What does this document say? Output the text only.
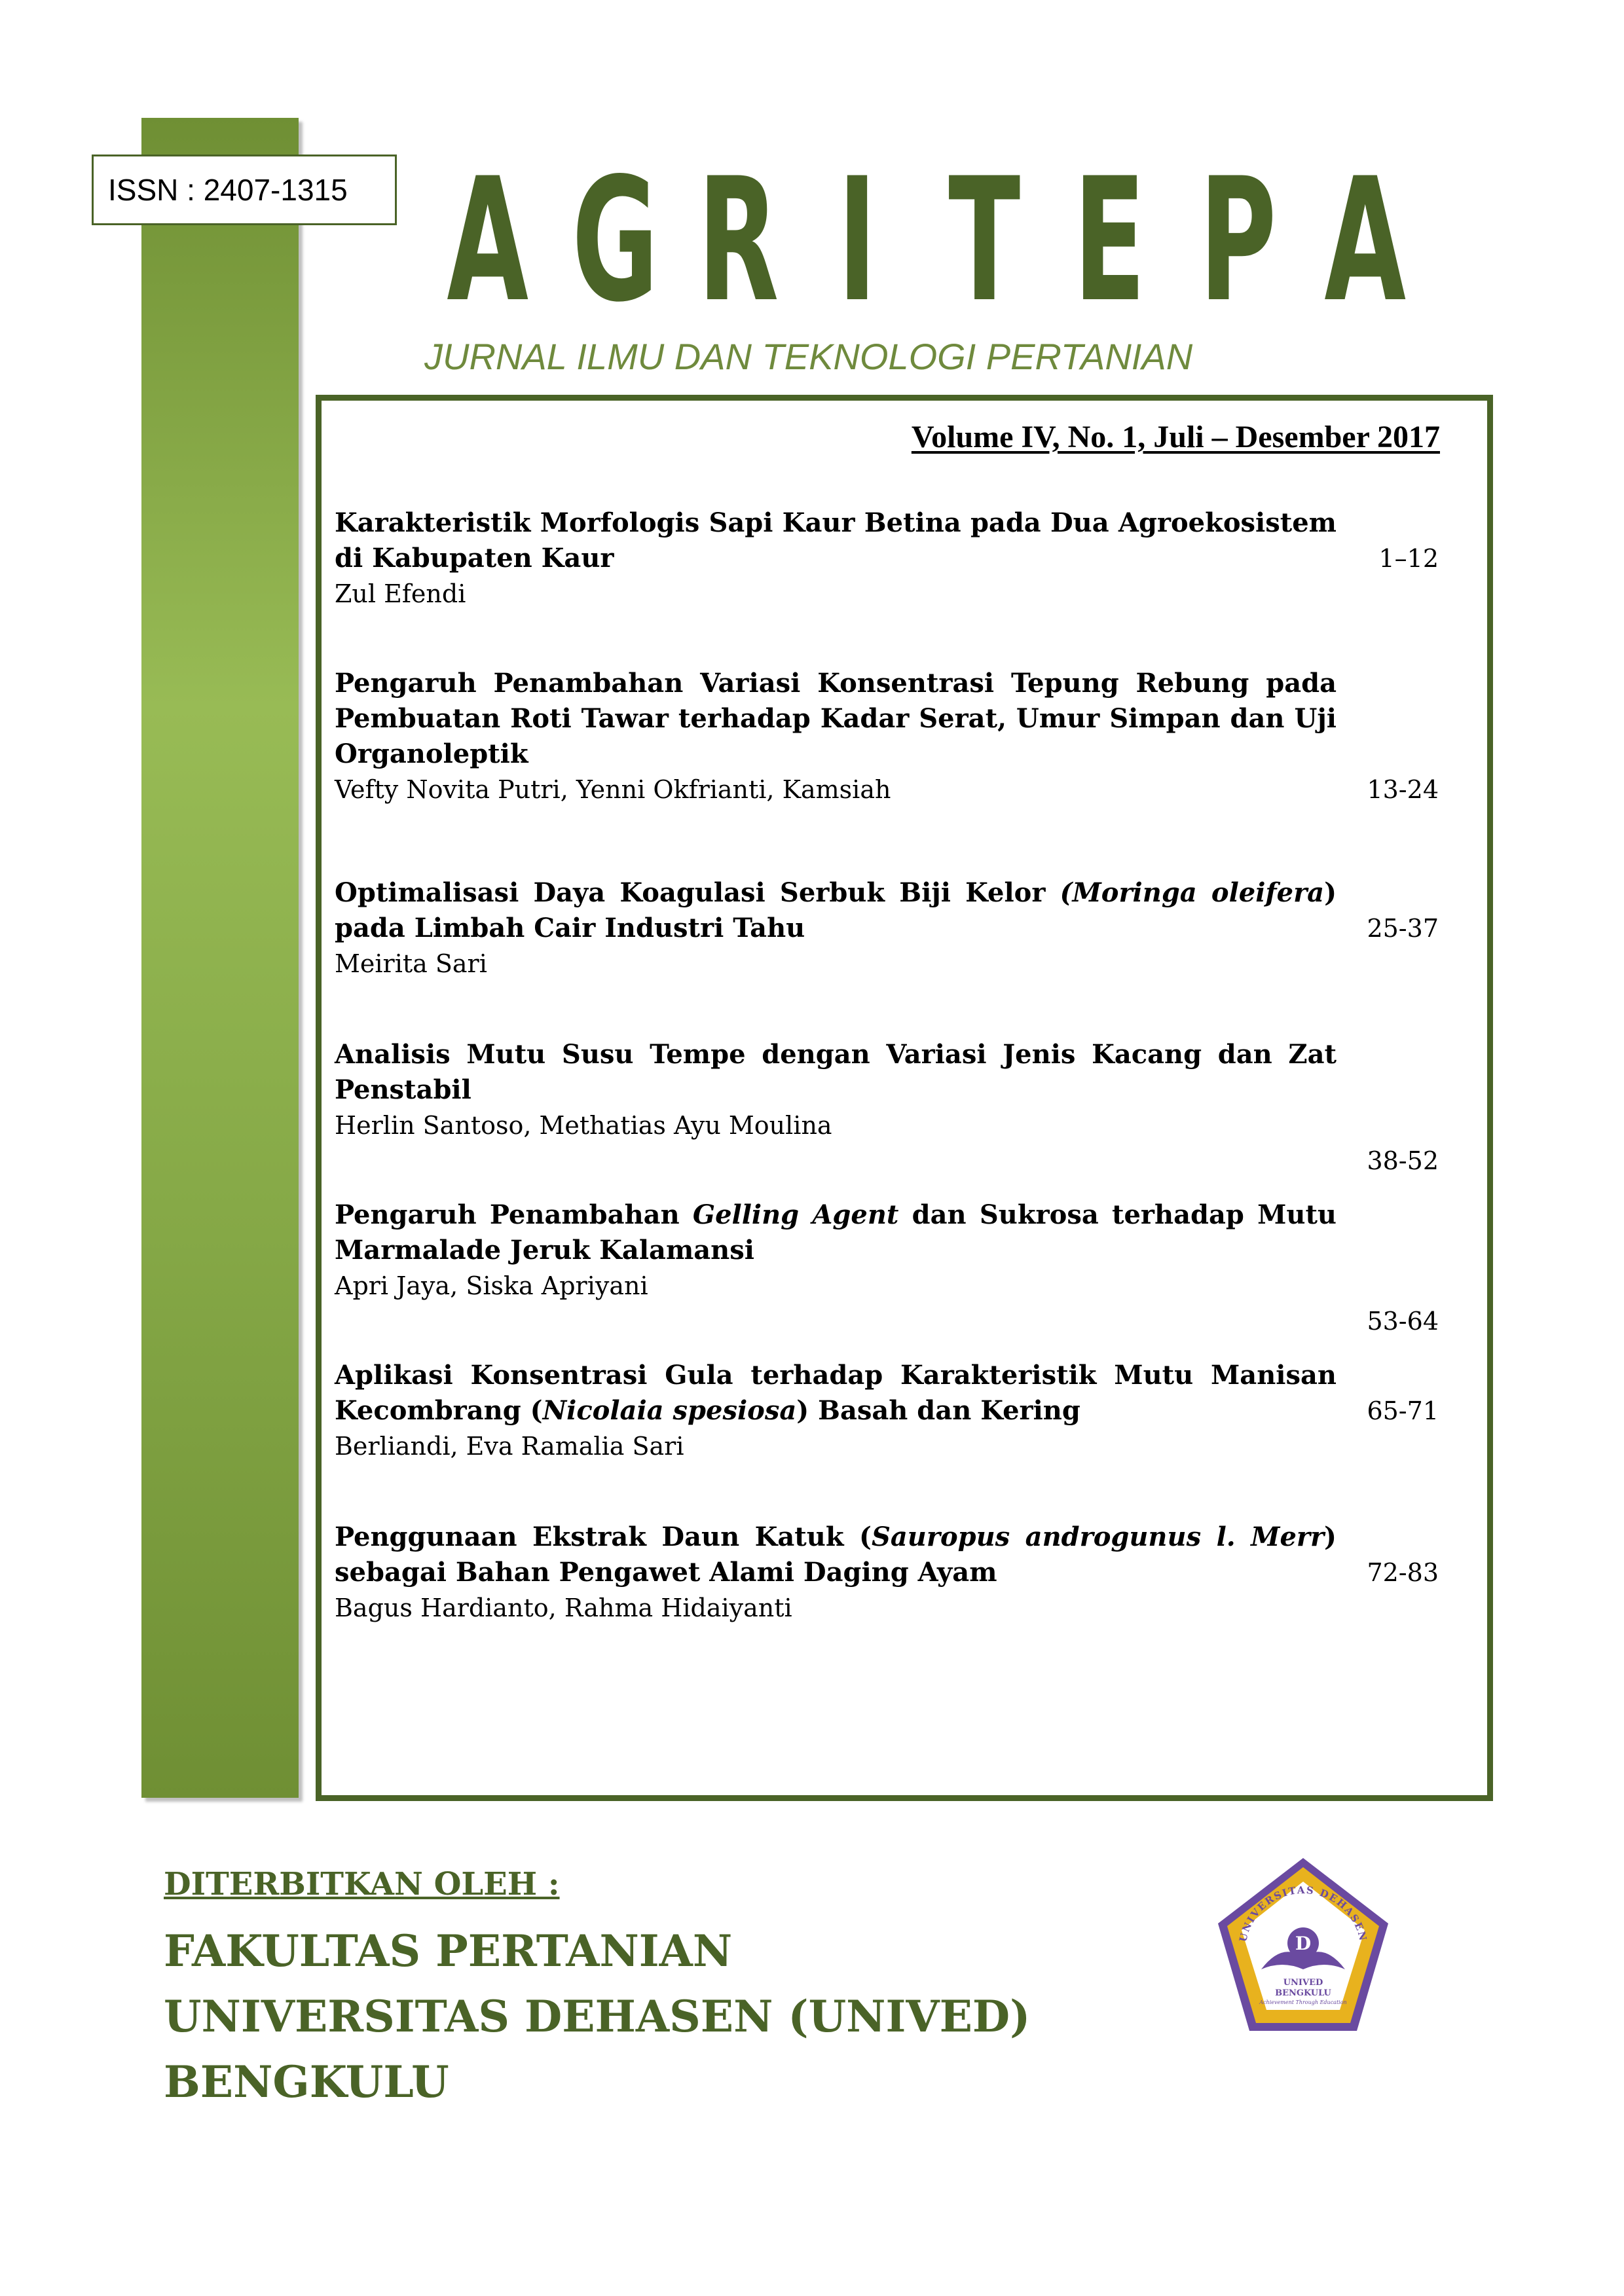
ISSN : 2407-1315 A G R I T E P A
JURNAL ILMU DAN TEKNOLOGI PERTANIAN
Volume IV, No. 1, Juli – Desember 2017

Karakteristik Morfologis Sapi Kaur Betina pada Dua Agroekosistem di Kabupaten Kaur

Zul Efendi

1–12

Pengaruh Penambahan Variasi Konsentrasi Tepung Rebung pada Pembuatan Roti Tawar terhadap Kadar Serat, Umur Simpan dan Uji Organoleptik

Vefty Novita Putri, Yenni Okfrianti, Kamsiah	13-24

Optimalisasi Daya Koagulasi Serbuk Biji Kelor (Moringa oleifera) pada Limbah Cair Industri Tahu

Meirita Sari

25-37

Analisis Mutu Susu Tempe dengan Variasi Jenis Kacang dan Zat Penstabil

Herlin Santoso, Methatias Ayu Moulina

38-52

Pengaruh Penambahan Gelling Agent dan Sukrosa terhadap Mutu Marmalade Jeruk Kalamansi

Apri Jaya, Siska Apriyani

53-64

Aplikasi Konsentrasi Gula terhadap Karakteristik Mutu Manisan Kecombrang (Nicolaia spesiosa) Basah dan Kering

Berliandi, Eva Ramalia Sari

65-71

Penggunaan Ekstrak Daun Katuk (Sauropus androgunus l. Merr) sebagai Bahan Pengawet Alami Daging Ayam

Bagus Hardianto, Rahma Hidaiyanti

72-83

DITERBITKAN OLEH :

FAKULTAS PERTANIAN

UNIVERSITAS DEHASEN (UNIVED)

BENGKULU

UNIVERSITAS DEHASEN
D
UNIVED
BENGKULU
Achievement Through Education
